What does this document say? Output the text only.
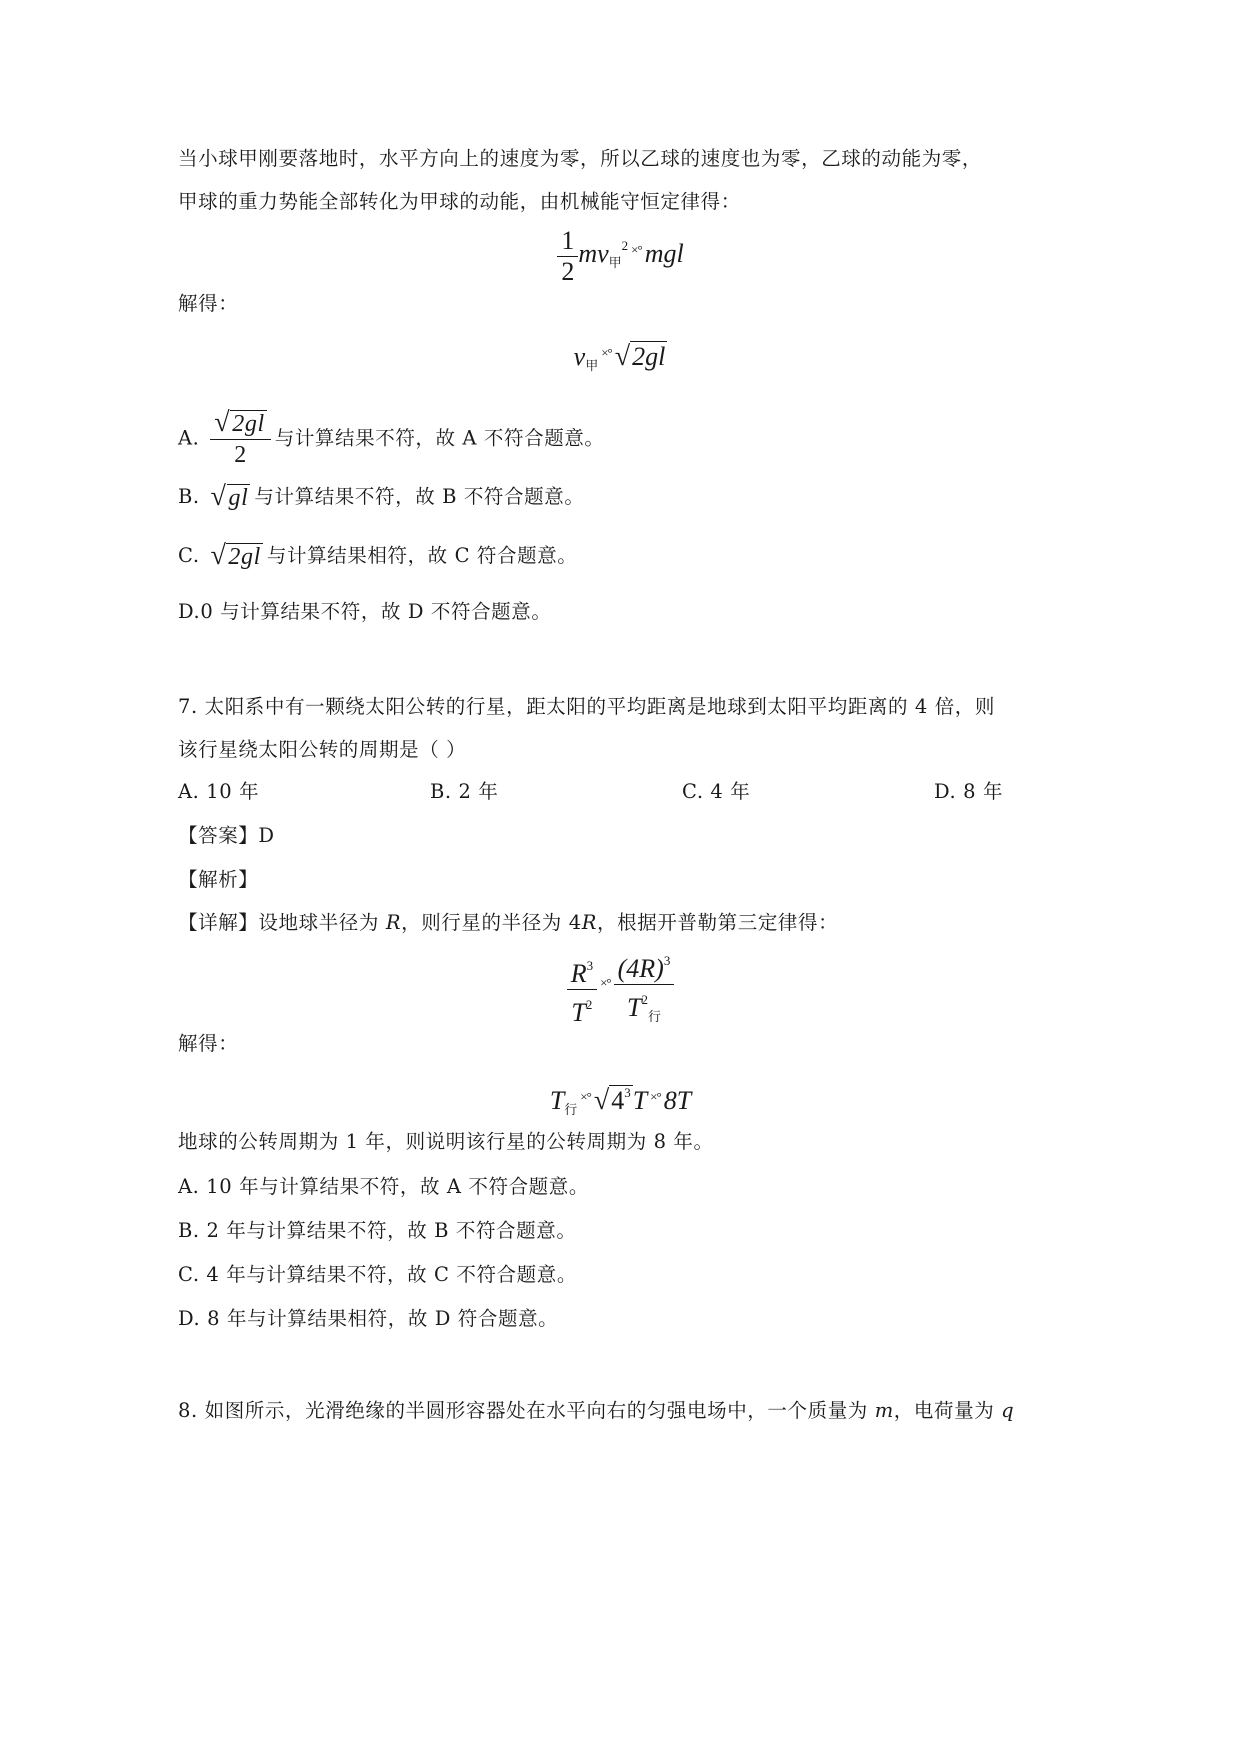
当小球甲刚要落地时，水平方向上的速度为零，所以乙球的速度也为零，乙球的动能为零，
甲球的重力势能全部转化为甲球的动能，由机械能守恒定律得：
$\frac{1}{2} mv_甲^2$ ×° mgl
解得：
$v_甲^{\times^\circ}$ √2gl
A. $\frac{√2gl}{2}$ 与计算结果不符，故 A 不符合题意。
B. √gl 与计算结果不符，故 B 不符合题意。
C. √2gl 与计算结果相符，故 C 符合题意。
D.0 与计算结果不符，故 D 不符合题意。
7. 太阳系中有一颗绕太阳公转的行星，距太阳的平均距离是地球到太阳平均距离的 4 倍，则
该行星绕太阳公转的周期是（ ）
A. 10 年	B. 2 年	C. 4 年	D. 8 年
【答案】D
【解析】
【详解】设地球半径为 R，则行星的半径为 4R，根据开普勒第三定律得：
$\frac{R^3}{T^2} ^{\times^\circ} \frac{(4R)^3}{T^2_行}$
解得：
$T_行^{\times^\circ}$ $√4^3T$ ×° 8T
地球的公转周期为 1 年，则说明该行星的公转周期为 8 年。
A. 10 年与计算结果不符，故 A 不符合题意。
B. 2 年与计算结果不符，故 B 不符合题意。
C. 4 年与计算结果不符，故 C 不符合题意。
D. 8 年与计算结果相符，故 D 符合题意。
8. 如图所示，光滑绝缘的半圆形容器处在水平向右的匀强电场中，一个质量为 m，电荷量为 q
